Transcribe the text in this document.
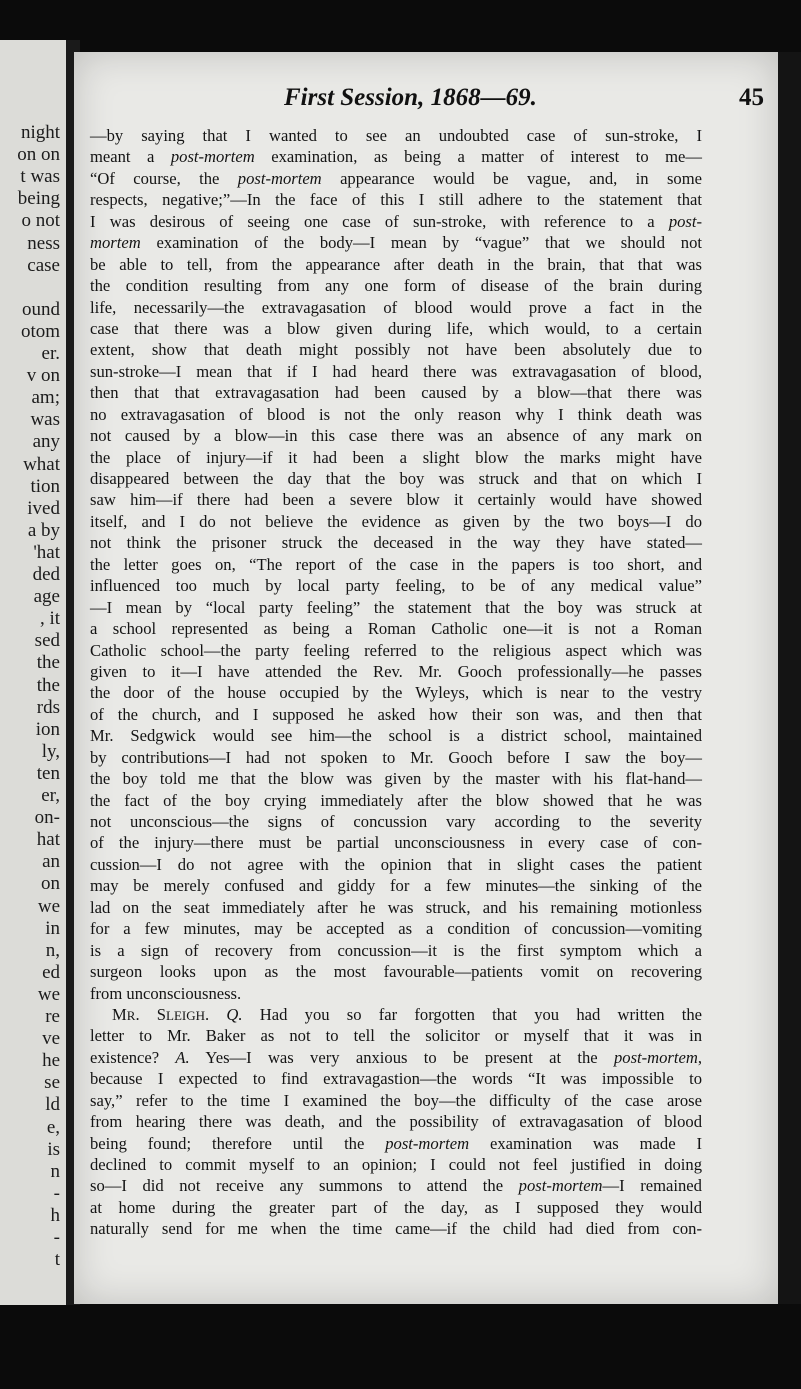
night
on on
t was
being
o not
ness
case
ound
otom
er.
v on
am;
was
any
what
tion
ived
a by
'hat
ded
age
, it
sed
the
the
rds
ion
ly,
ten
er,
on-
hat
an
on
we
in
n,
ed
we
re
ve
he
se
ld
e,
is
n
-
h
-
t
First Session, 1868—69.	45
—by saying that I wanted to see an undoubted case of sun-stroke, I
meant a post-mortem examination, as being a matter of interest to me—
“Of course, the post-mortem appearance would be vague, and, in some
respects, negative;”—In the face of this I still adhere to the statement that
I was desirous of seeing one case of sun-stroke, with reference to a post-
mortem examination of the body—I mean by “vague” that we should not
be able to tell, from the appearance after death in the brain, that that was
the condition resulting from any one form of disease of the brain during
life, necessarily—the extravagasation of blood would prove a fact in the
case that there was a blow given during life, which would, to a certain
extent, show that death might possibly not have been absolutely due to
sun-stroke—I mean that if I had heard there was extravagasation of blood,
then that that extravagasation had been caused by a blow—that there was
no extravagasation of blood is not the only reason why I think death was
not caused by a blow—in this case there was an absence of any mark on
the place of injury—if it had been a slight blow the marks might have
disappeared between the day that the boy was struck and that on which I
saw him—if there had been a severe blow it certainly would have showed
itself, and I do not believe the evidence as given by the two boys—I do
not think the prisoner struck the deceased in the way they have stated—
the letter goes on, “The report of the case in the papers is too short, and
influenced too much by local party feeling, to be of any medical value”
—I mean by “local party feeling” the statement that the boy was struck at
a school represented as being a Roman Catholic one—it is not a Roman
Catholic school—the party feeling referred to the religious aspect which was
given to it—I have attended the Rev. Mr. Gooch professionally—he passes
the door of the house occupied by the Wyleys, which is near to the vestry
of the church, and I supposed he asked how their son was, and then that
Mr. Sedgwick would see him—the school is a district school, maintained
by contributions—I had not spoken to Mr. Gooch before I saw the boy—
the boy told me that the blow was given by the master with his flat-hand—
the fact of the boy crying immediately after the blow showed that he was
not unconscious—the signs of concussion vary according to the severity
of the injury—there must be partial unconsciousness in every case of con-
cussion—I do not agree with the opinion that in slight cases the patient
may be merely confused and giddy for a few minutes—the sinking of the
lad on the seat immediately after he was struck, and his remaining motionless
for a few minutes, may be accepted as a condition of concussion—vomiting
is a sign of recovery from concussion—it is the first symptom which a
surgeon looks upon as the most favourable—patients vomit on recovering
from unconsciousness.
MR. SLEIGH. Q. Had you so far forgotten that you had written the
letter to Mr. Baker as not to tell the solicitor or myself that it was in
existence? A. Yes—I was very anxious to be present at the post-mortem,
because I expected to find extravagastion—the words “It was impossible to
say,” refer to the time I examined the boy—the difficulty of the case arose
from hearing there was death, and the possibility of extravagasation of blood
being found; therefore until the post-mortem examination was made I
declined to commit myself to an opinion; I could not feel justified in doing
so—I did not receive any summons to attend the post-mortem—I remained
at home during the greater part of the day, as I supposed they would
naturally send for me when the time came—if the child had died from con-
